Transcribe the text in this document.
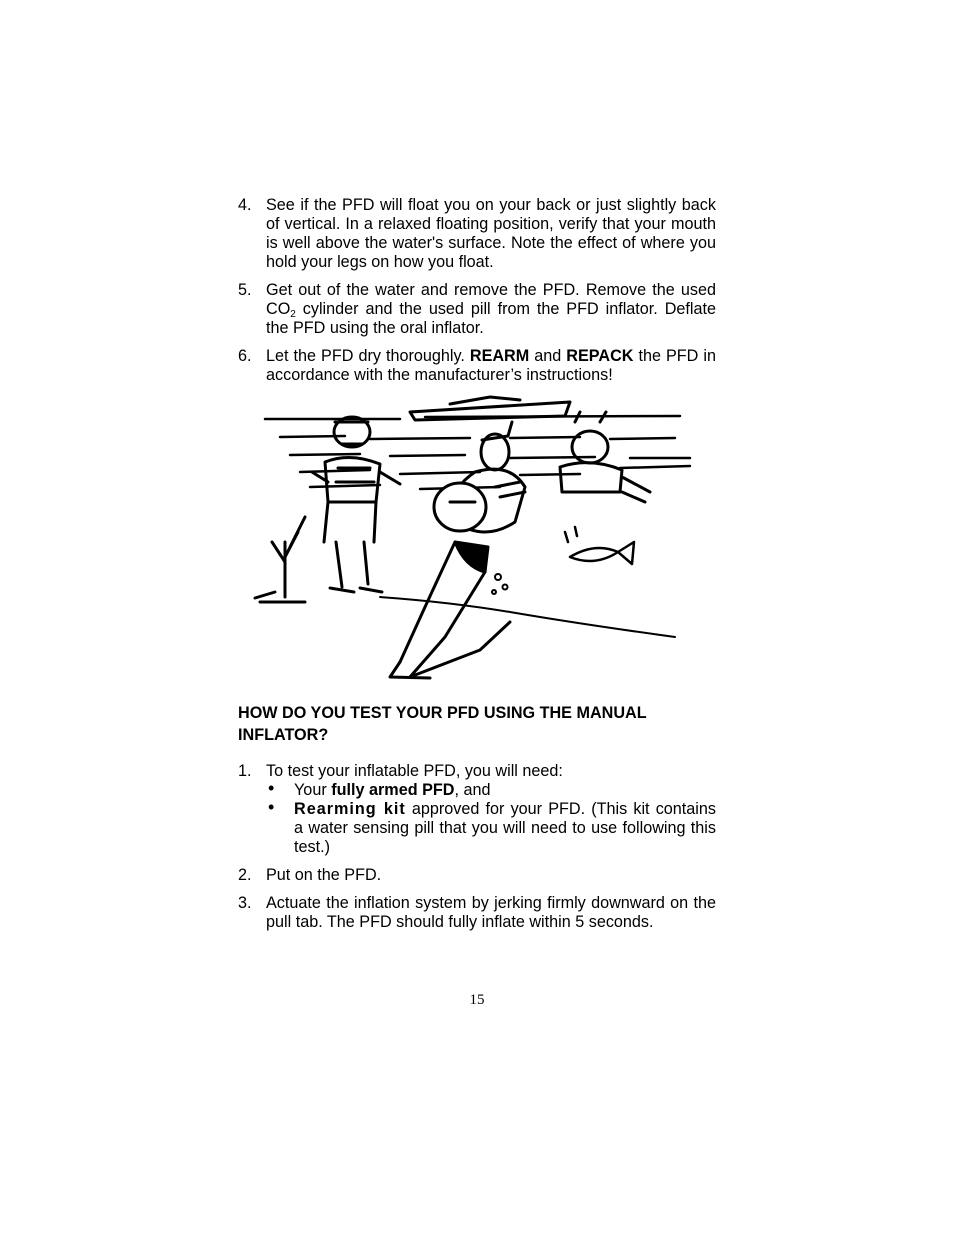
4. See if the PFD will float you on your back or just slightly back of vertical. In a relaxed floating position, verify that your mouth is well above the water's surface. Note the effect of where you hold your legs on how you float.
5. Get out of the water and remove the PFD. Remove the used $CO_2$ cylinder and the used pill from the PFD inflator. Deflate the PFD using the oral inflator.
6. Let the PFD dry thoroughly. REARM and REPACK the PFD in accordance with the manufacturer’s instructions!
HOW DO YOU TEST YOUR PFD USING THE MANUAL INFLATOR?
1. To test your inflatable PFD, you will need:
• Your fully armed PFD, and
• Rearming kit approved for your PFD. (This kit contains a water sensing pill that you will need to use following this test.)
2. Put on the PFD.
3. Actuate the inflation system by jerking firmly downward on the pull tab. The PFD should fully inflate within 5 seconds.
15
